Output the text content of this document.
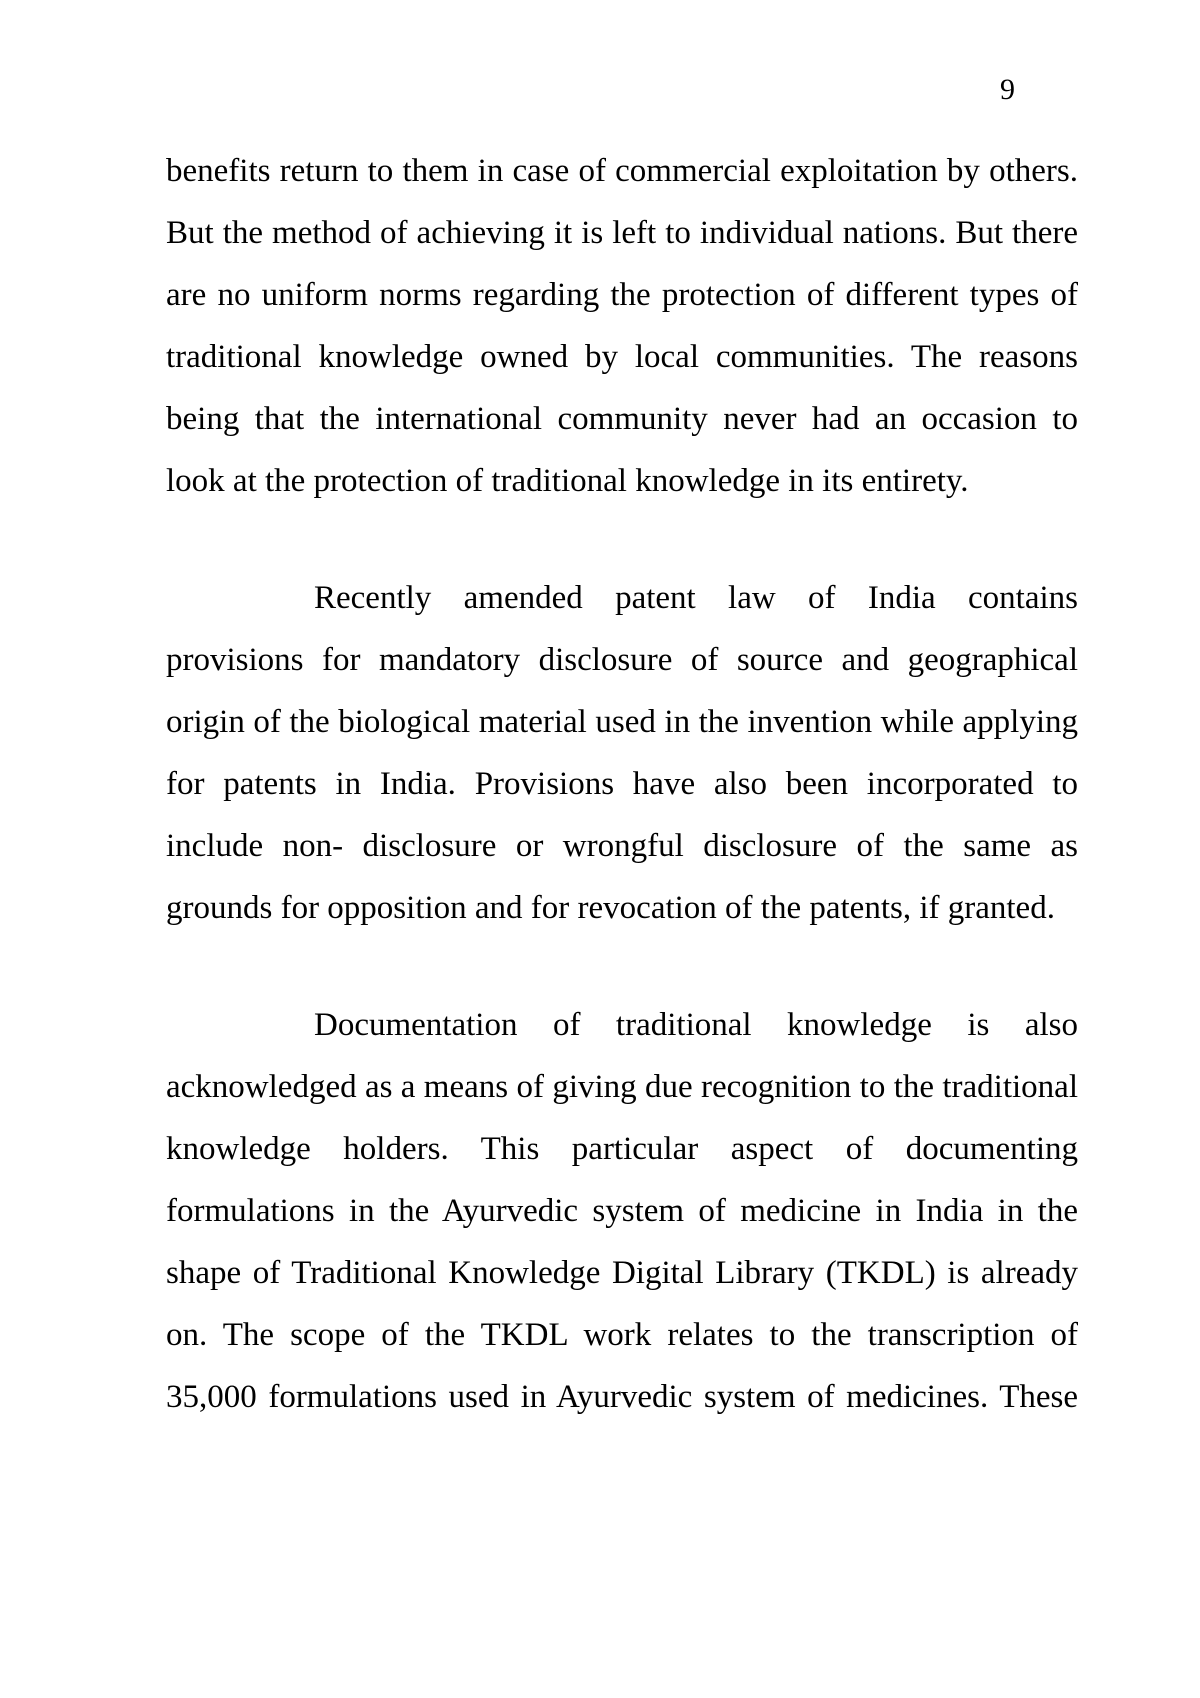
9

benefits return to them in case of commercial exploitation by others. But the method of achieving it is left to individual nations. But there are no uniform norms regarding the protection of different types of traditional knowledge owned by local communities. The reasons being that the international community never had an occasion to look at the protection of traditional knowledge in its entirety.

Recently amended patent law of India contains provisions for mandatory disclosure of source and geographical origin of the biological material used in the invention while applying for patents in India. Provisions have also been incorporated to include non- disclosure or wrongful disclosure of the same as grounds for opposition and for revocation of the patents, if granted.

Documentation of traditional knowledge is also acknowledged as a means of giving due recognition to the traditional knowledge holders. This particular aspect of documenting formulations in the Ayurvedic system of medicine in India in the shape of Traditional Knowledge Digital Library (TKDL) is already on. The scope of the TKDL work relates to the transcription of 35,000 formulations used in Ayurvedic system of medicines. These
